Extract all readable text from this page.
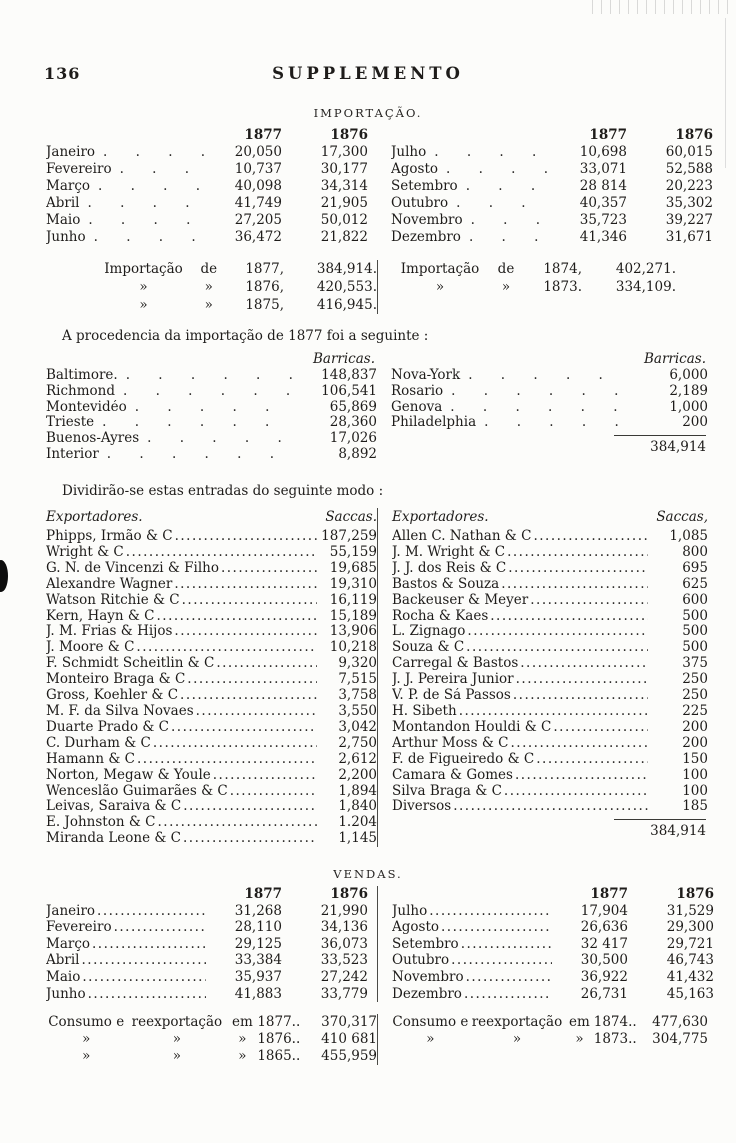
136	SUPPLEMENTO
IMPORTAÇÃO.
1877	1876
Janeiro . . .	20,050	17,300
Fevereiro . . .	10,737	30,177
Março . . .	40,098	34,314
Abril . . .	41,749	21,905
Maio . . .	27,205	50,012
Junho . . .	36,472	21,822
1877	1876
Julho . . .	10,698	60,015
Agosto . . .	33,071	52,588
Setembro . . .	28 814	20,223
Outubro . . .	40,357	35,302
Novembro . . .	35,723	39,227
Dezembro . . .	41,346	31,671
Importação	de	1877,	384,914.
»	»	1876,	420,553.
»	»	1875,	416,945.
Importação	de	1874,	402,271.
»	»	1873.	334,109.
A procedencia da importação de 1877 foi a seguinte :
Barricas.
Baltimore. . . .	148,837
Richmond . . .	106,541
Montevidéo . . .	65,869
Trieste . . .	28,360
Buenos-Ayres . . .	17,026
Interior . . .	8,892
Barricas.
Nova-York . . .	6,000
Rosario . . .	2,189
Genova . . .	1,000
Philadelphia . . .	200
384,914
Dividirão-se estas entradas do seguinte modo :
Exportadores.	Saccas.
Phipps, Irmão & C .....	187,259
Wright & C .....	55,159
G. N. de Vincenzi & Filho .....	19,685
Alexandre Wagner .....	19,310
Watson Ritchie & C .....	16,119
Kern, Hayn & C .....	15,189
J. M. Frias & Hijos .....	13,906
J. Moore & C .....	10,218
F. Schmidt Scheitlin & C .....	9,320
Monteiro Braga & C .....	7,515
Gross, Koehler & C .....	3,758
M. F. da Silva Novaes .....	3,550
Duarte Prado & C .....	3,042
C. Durham & C .....	2,750
Hamann & C .....	2,612
Norton, Megaw & Youle .....	2,200
Wenceslão Guimarães & C .....	1,894
Leivas, Saraiva & C .....	1,840
E. Johnston & C .....	1.204
Miranda Leone & C .....	1,145
Exportadores.	Saccas,
Allen C. Nathan & C .....	1,085
J. M. Wright & C .....	800
J. J. dos Reis & C .....	695
Bastos & Souza .....	625
Backeuser & Meyer .....	600
Rocha & Kaes .....	500
L. Zignago .....	500
Souza & C .....	500
Carregal & Bastos .....	375
J. J. Pereira Junior .....	250
V. P. de Sá Passos .....	250
H. Sibeth .....	225
Montandon Houldi & C .....	200
Arthur Moss & C .....	200
F. de Figueiredo & C .....	150
Camara & Gomes .....	100
Silva Braga & C .....	100
Diversos .....	185
384,914
VENDAS.
1877	1876
Janeiro .....	31,268	21,990
Fevereiro .....	28,110	34,136
Março .....	29,125	36,073
Abril .....	33,384	33,523
Maio .....	35,937	27,242
Junho .....	41,883	33,779
1877	1876
Julho .....	17,904	31,529
Agosto .....	26,636	29,300
Setembro .....	32 417	29,721
Outubro .....	30,500	46,743
Novembro .....	36,922	41,432
Dezembro .....	26,731	45,163
Consumo e reexportação em 1877..	370,317
»	»	» 1876..	410 681
»	»	» 1865..	455,959
Consumo e reexportação em 1874..	477,630
»	»	» 1873..	304,775
